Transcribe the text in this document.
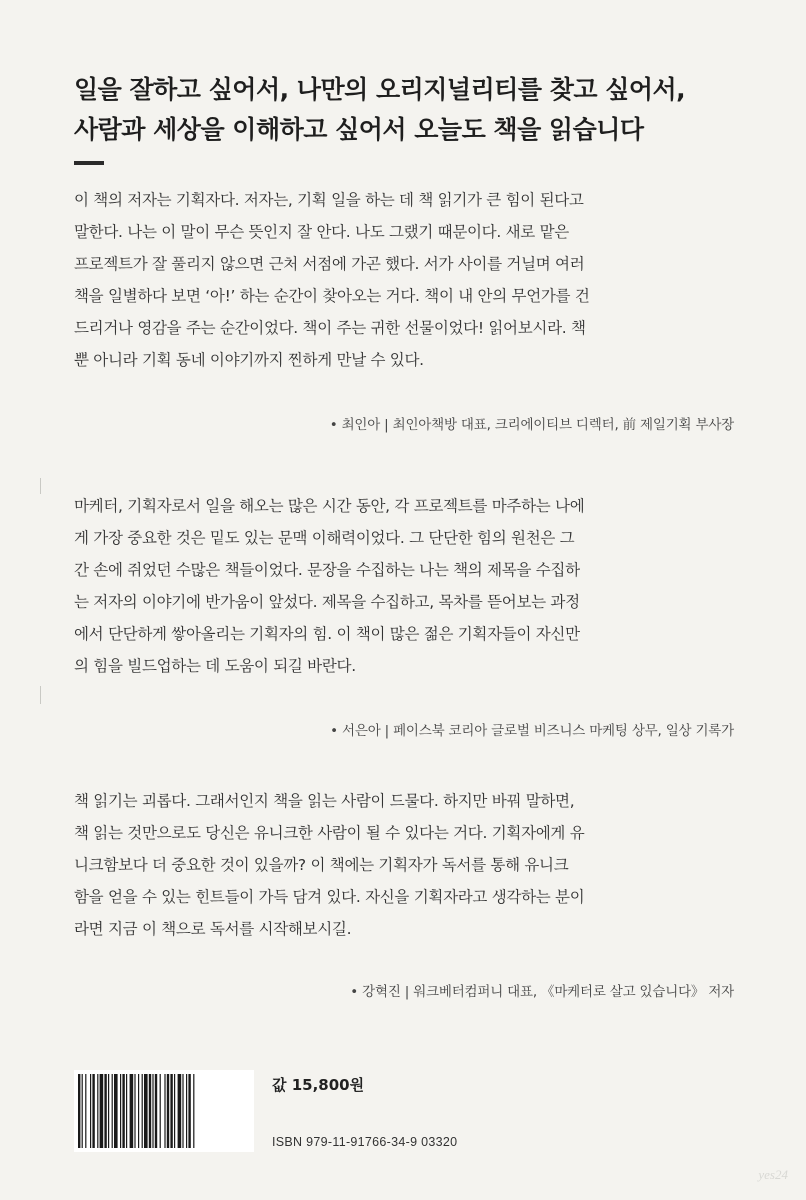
일을 잘하고 싶어서, 나만의 오리지널리티를 찾고 싶어서,
사람과 세상을 이해하고 싶어서 오늘도 책을 읽습니다
이 책의 저자는 기획자다. 저자는, 기획 일을 하는 데 책 읽기가 큰 힘이 된다고
말한다. 나는 이 말이 무슨 뜻인지 잘 안다. 나도 그랬기 때문이다. 새로 맡은
프로젝트가 잘 풀리지 않으면 근처 서점에 가곤 했다. 서가 사이를 거닐며 여러
책을 일별하다 보면 ‘아!’ 하는 순간이 찾아오는 거다. 책이 내 안의 무언가를 건
드리거나 영감을 주는 순간이었다. 책이 주는 귀한 선물이었다! 읽어보시라. 책
뿐 아니라 기획 동네 이야기까지 찐하게 만날 수 있다.
• 최인아 | 최인아책방 대표, 크리에이티브 디렉터, 前 제일기획 부사장
마케터, 기획자로서 일을 해오는 많은 시간 동안, 각 프로젝트를 마주하는 나에
게 가장 중요한 것은 밑도 있는 문맥 이해력이었다. 그 단단한 힘의 원천은 그
간 손에 쥐었던 수많은 책들이었다. 문장을 수집하는 나는 책의 제목을 수집하
는 저자의 이야기에 반가움이 앞섰다. 제목을 수집하고, 목차를 뜯어보는 과정
에서 단단하게 쌓아올리는 기획자의 힘. 이 책이 많은 젊은 기획자들이 자신만
의 힘을 빌드업하는 데 도움이 되길 바란다.
• 서은아 | 페이스북 코리아 글로벌 비즈니스 마케팅 상무, 일상 기록가
책 읽기는 괴롭다. 그래서인지 책을 읽는 사람이 드물다. 하지만 바꿔 말하면,
책 읽는 것만으로도 당신은 유니크한 사람이 될 수 있다는 거다. 기획자에게 유
니크함보다 더 중요한 것이 있을까? 이 책에는 기획자가 독서를 통해 유니크
함을 얻을 수 있는 힌트들이 가득 담겨 있다. 자신을 기획자라고 생각하는 분이
라면 지금 이 책으로 독서를 시작해보시길.
• 강혁진 | 워크베터컴퍼니 대표, 《마케터로 살고 있습니다》 저자
값 15,800원
ISBN 979-11-91766-34-9 03320
yes24
